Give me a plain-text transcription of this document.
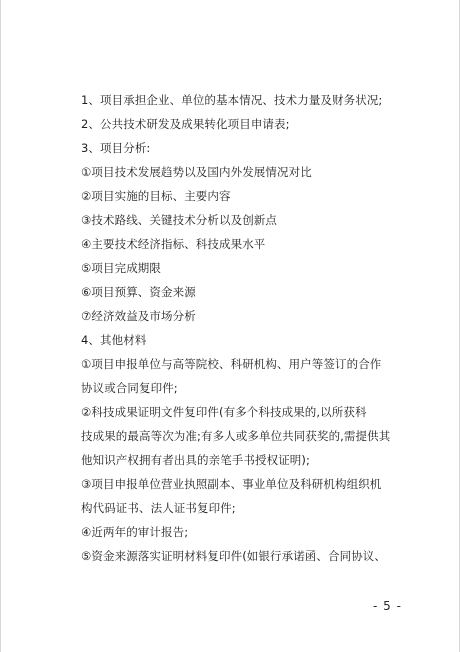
1、项目承担企业、单位的基本情况、技术力量及财务状况;
2、公共技术研发及成果转化项目申请表;
3、项目分析:
①项目技术发展趋势以及国内外发展情况对比
②项目实施的目标、主要内容
③技术路线、关键技术分析以及创新点
④主要技术经济指标、科技成果水平
⑤项目完成期限
⑥项目预算、资金来源
⑦经济效益及市场分析
4、其他材料
①项目申报单位与高等院校、科研机构、用户等签订的合作
协议或合同复印件;
②科技成果证明文件复印件(有多个科技成果的,以所获科
技成果的最高等次为准;有多人或多单位共同获奖的,需提供其
他知识产权拥有者出具的亲笔手书授权证明);
③项目申报单位营业执照副本、事业单位及科研机构组织机
构代码证书、法人证书复印件;
④近两年的审计报告;
⑤资金来源落实证明材料复印件(如银行承诺函、合同协议、
- 5 -
